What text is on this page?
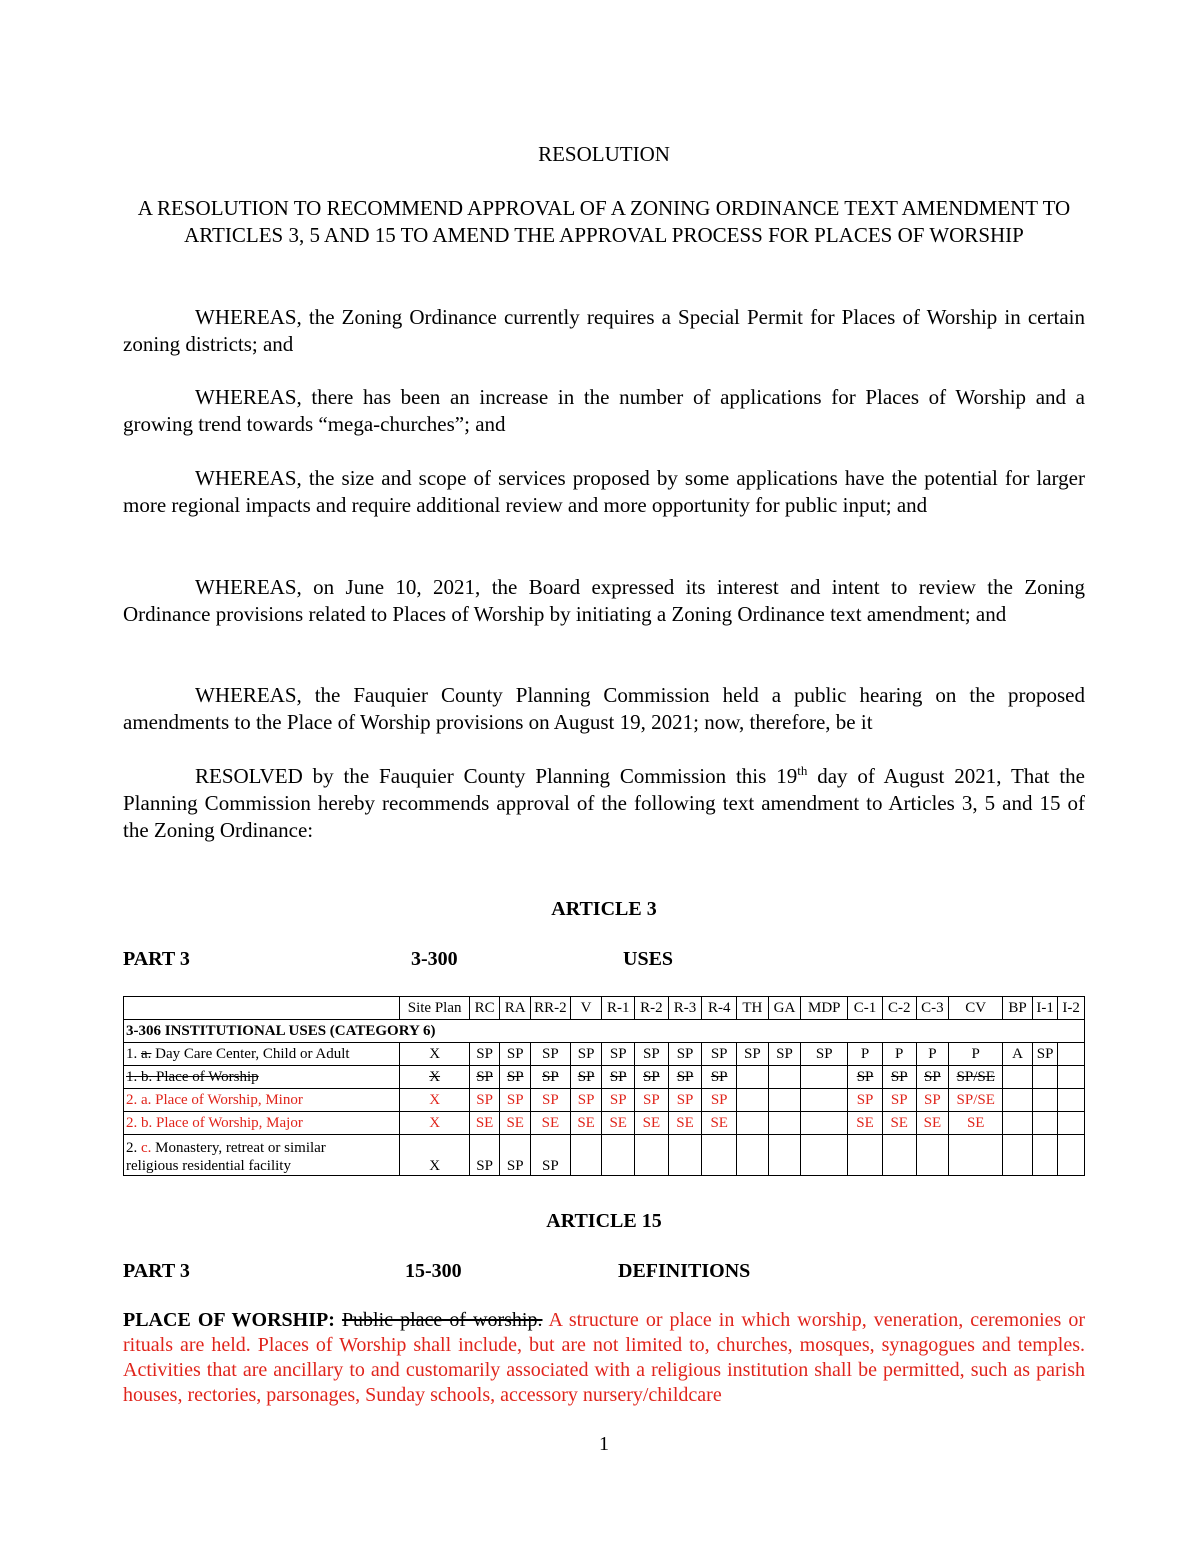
RESOLUTION
A RESOLUTION TO RECOMMEND APPROVAL OF A ZONING ORDINANCE TEXT AMENDMENT TO ARTICLES 3, 5 AND 15 TO AMEND THE APPROVAL PROCESS FOR PLACES OF WORSHIP
WHEREAS, the Zoning Ordinance currently requires a Special Permit for Places of Worship in certain zoning districts; and
WHEREAS, there has been an increase in the number of applications for Places of Worship and a growing trend towards “mega-churches”; and
WHEREAS, the size and scope of services proposed by some applications have the potential for larger more regional impacts and require additional review and more opportunity for public input; and
WHEREAS, on June 10, 2021, the Board expressed its interest and intent to review the Zoning Ordinance provisions related to Places of Worship by initiating a Zoning Ordinance text amendment; and
WHEREAS, the Fauquier County Planning Commission held a public hearing on the proposed amendments to the Place of Worship provisions on August 19, 2021; now, therefore, be it
RESOLVED by the Fauquier County Planning Commission this 19th day of August 2021, That the Planning Commission hereby recommends approval of the following text amendment to Articles 3, 5 and 15 of the Zoning Ordinance:
ARTICLE 3
PART 3	3-300	USES
	Site Plan	RC	RA	RR-2	V	R-1	R-2	R-3	R-4	TH	GA	MDP	C-1	C-2	C-3	CV	BP	I-1	I-2
3-306 INSTITUTIONAL USES (CATEGORY 6)																			
1. a. Day Care Center, Child or Adult	X	SP	SP	SP	SP	SP	SP	SP	SP	SP	SP	SP	P	P	P	P	A	SP	
1. b. Place of Worship	X	SP	SP	SP	SP	SP	SP	SP	SP				SP	SP	SP	SP/SE			
2. a. Place of Worship, Minor	X	SP	SP	SP	SP	SP	SP	SP	SP				SP	SP	SP	SP/SE			
2. b. Place of Worship, Major	X	SE	SE	SE	SE	SE	SE	SE	SE				SE	SE	SE	SE			
2. c. Monastery, retreat or similar
religious residential facility	X	SP	SP	SP															
ARTICLE 15
PART 3	15-300	DEFINITIONS
PLACE OF WORSHIP: Public place of worship. A structure or place in which worship, veneration, ceremonies or rituals are held. Places of Worship shall include, but are not limited to, churches, mosques, synagogues and temples. Activities that are ancillary to and customarily associated with a religious institution shall be permitted, such as parish houses, rectories, parsonages, Sunday schools, accessory nursery/childcare
1
